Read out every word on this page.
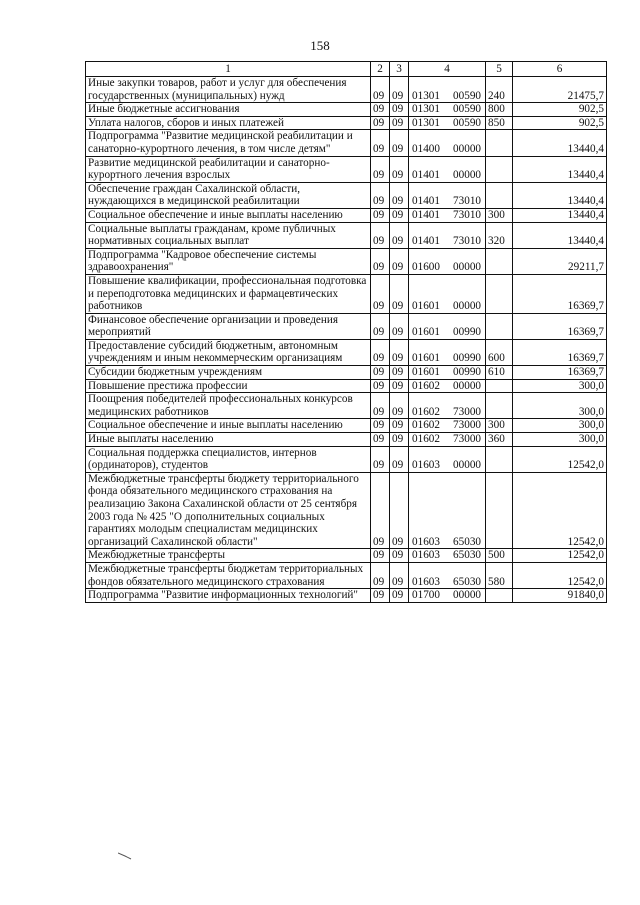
158
1	2	3	4	5	6
Иные закупки товаров, работ и услуг для обеспечения государственных (муниципальных) нужд	09	09	01301 00590	240	21475,7
Иные бюджетные ассигнования	09	09	01301 00590	800	902,5
Уплата налогов, сборов и иных платежей	09	09	01301 00590	850	902,5
Подпрограмма "Развитие медицинской реабилитации и санаторно-курортного лечения, в том числе детям"	09	09	01400 00000		13440,4
Развитие медицинской реабилитации и санаторно-курортного лечения взрослых	09	09	01401 00000		13440,4
Обеспечение граждан Сахалинской области, нуждающихся в медицинской реабилитации	09	09	01401 73010		13440,4
Социальное обеспечение и иные выплаты населению	09	09	01401 73010	300	13440,4
Социальные выплаты гражданам, кроме публичных нормативных социальных выплат	09	09	01401 73010	320	13440,4
Подпрограмма "Кадровое обеспечение системы здравоохранения"	09	09	01600 00000		29211,7
Повышение квалификации, профессиональная подготовка и переподготовка медицинских и фармацевтических работников	09	09	01601 00000		16369,7
Финансовое обеспечение организации и проведения мероприятий	09	09	01601 00990		16369,7
Предоставление субсидий бюджетным, автономным учреждениям и иным некоммерческим организациям	09	09	01601 00990	600	16369,7
Субсидии бюджетным учреждениям	09	09	01601 00990	610	16369,7
Повышение престижа профессии	09	09	01602 00000		300,0
Поощрения победителей профессиональных конкурсов медицинских работников	09	09	01602 73000		300,0
Социальное обеспечение и иные выплаты населению	09	09	01602 73000	300	300,0
Иные выплаты населению	09	09	01602 73000	360	300,0
Социальная поддержка специалистов, интернов (ординаторов), студентов	09	09	01603 00000		12542,0
Межбюджетные трансферты бюджету территориального фонда обязательного медицинского страхования на реализацию Закона Сахалинской области от 25 сентября 2003 года № 425 "О дополнительных социальных гарантиях молодым специалистам медицинских организаций Сахалинской области"	09	09	01603 65030		12542,0
Межбюджетные трансферты	09	09	01603 65030	500	12542,0
Межбюджетные трансферты бюджетам территориальных фондов обязательного медицинского страхования	09	09	01603 65030	580	12542,0
Подпрограмма "Развитие информационных технологий"	09	09	01700 00000		91840,0
